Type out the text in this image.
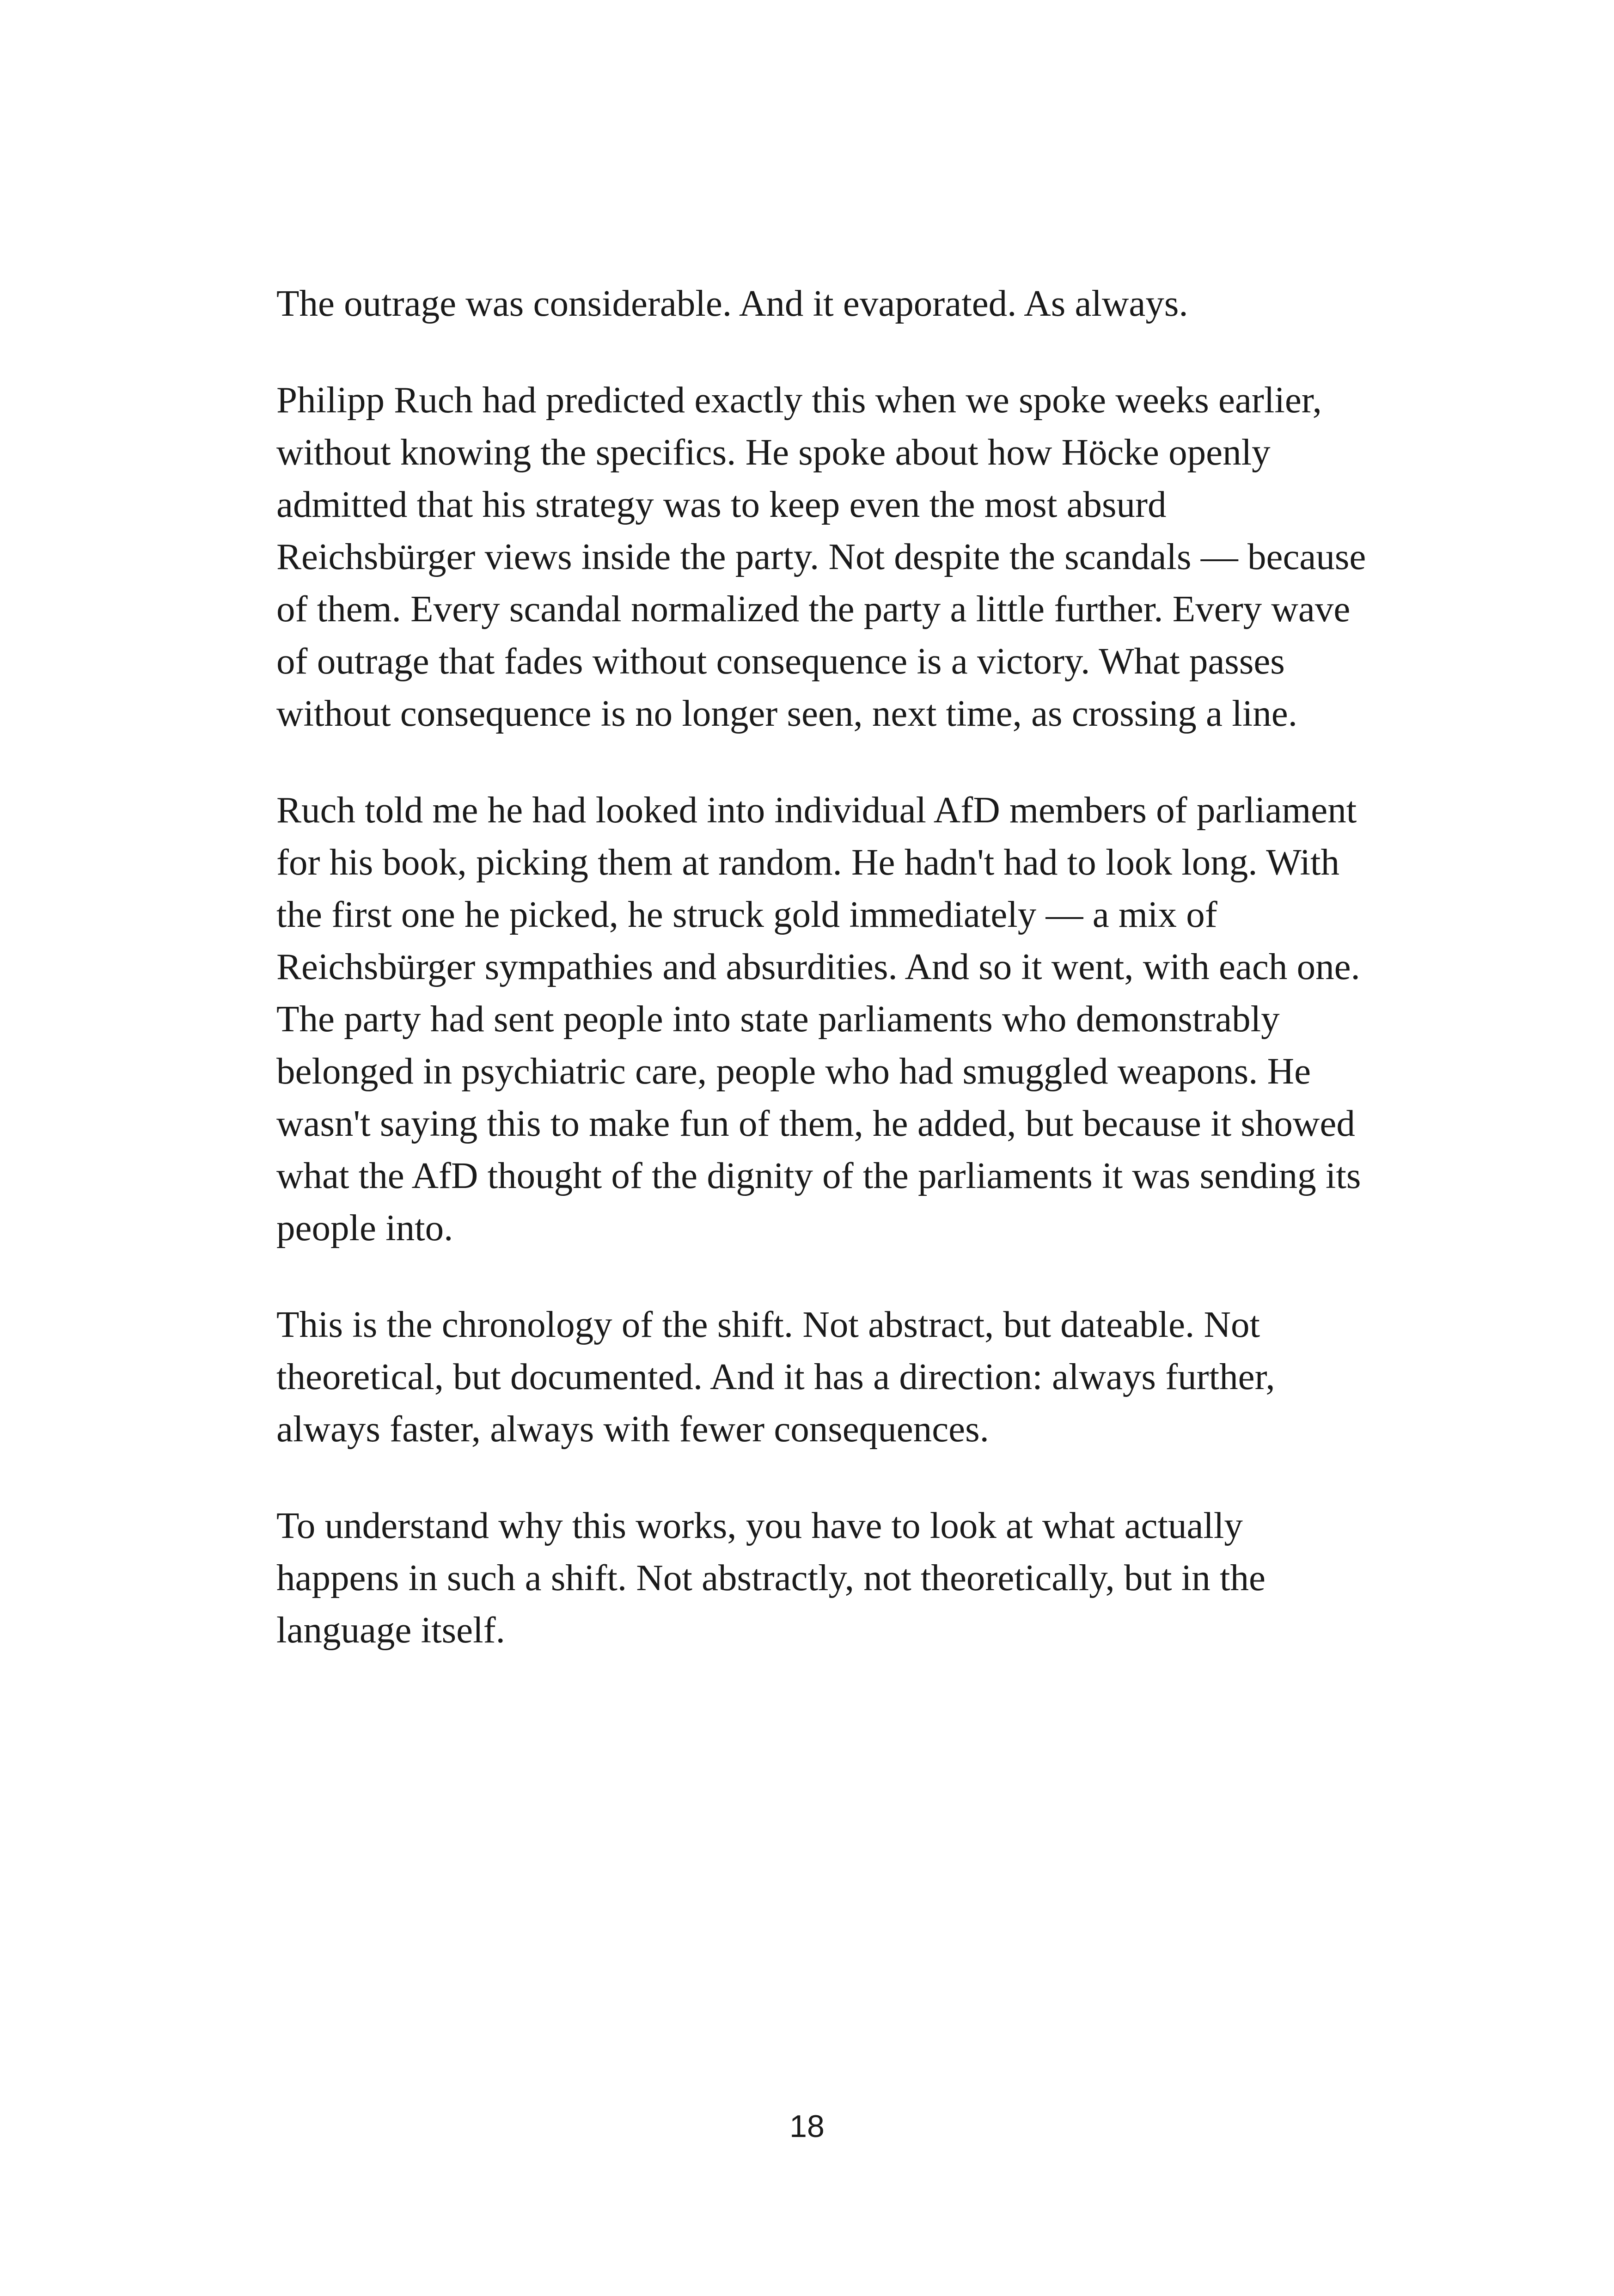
The outrage was considerable. And it evaporated. As always.

Philipp Ruch had predicted exactly this when we spoke weeks earlier, without knowing the specifics. He spoke about how Höcke openly admitted that his strategy was to keep even the most absurd Reichsbürger views inside the party. Not despite the scandals — because of them. Every scandal normalized the party a little further. Every wave of outrage that fades without consequence is a victory. What passes without consequence is no longer seen, next time, as crossing a line.

Ruch told me he had looked into individual AfD members of parliament for his book, picking them at random. He hadn't had to look long. With the first one he picked, he struck gold immediately — a mix of Reichsbürger sympathies and absurdities. And so it went, with each one. The party had sent people into state parliaments who demonstrably belonged in psychiatric care, people who had smuggled weapons. He wasn't saying this to make fun of them, he added, but because it showed what the AfD thought of the dignity of the parliaments it was sending its people into.

This is the chronology of the shift. Not abstract, but dateable. Not theoretical, but documented. And it has a direction: always further, always faster, always with fewer consequences.

To understand why this works, you have to look at what actually happens in such a shift. Not abstractly, not theoretically, but in the language itself.

18
